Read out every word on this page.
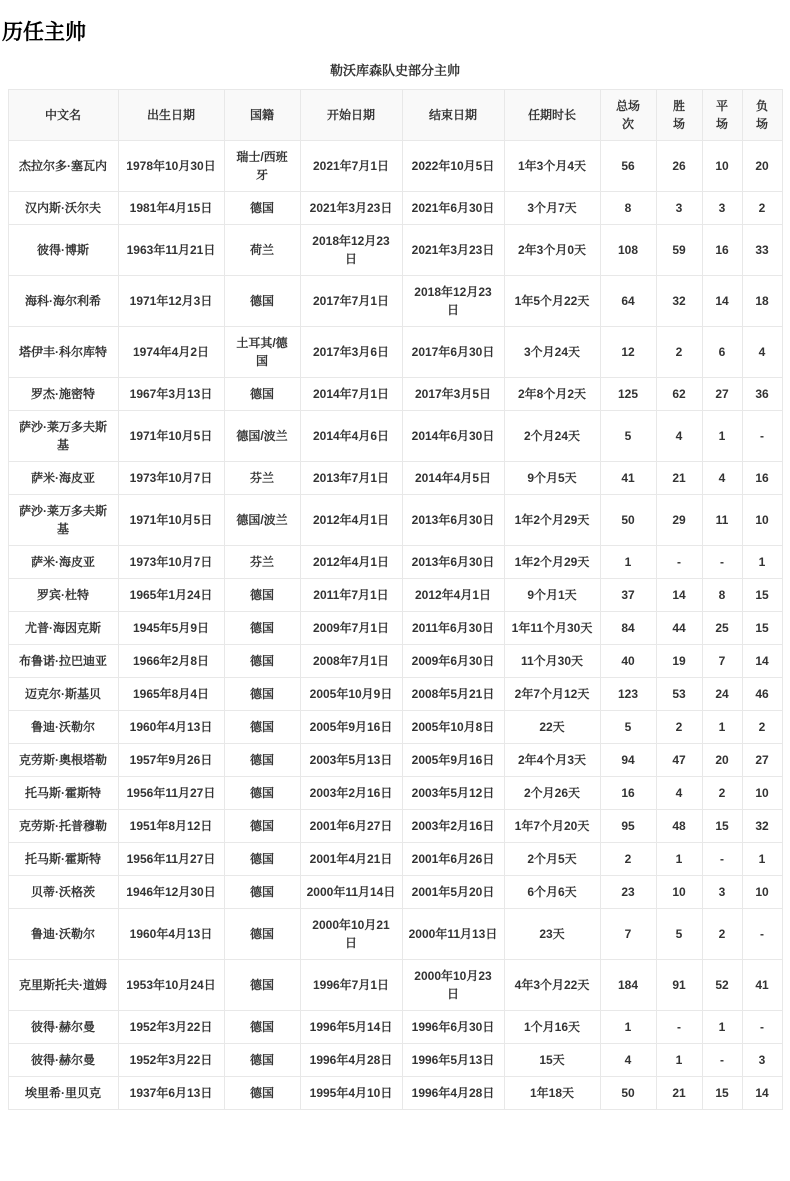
历任主帅
勒沃库森队史部分主帅
中文名	出生日期	国籍	开始日期	结束日期	任期时长	总场次	胜场	平场	负场
杰拉尔多·塞瓦内	1978年10月30日	瑞士/西班牙	2021年7月1日	2022年10月5日	1年3个月4天	56	26	10	20
汉内斯·沃尔夫	1981年4月15日	德国	2021年3月23日	2021年6月30日	3个月7天	8	3	3	2
彼得·博斯	1963年11月21日	荷兰	2018年12月23日	2021年3月23日	2年3个月0天	108	59	16	33
海科·海尔利希	1971年12月3日	德国	2017年7月1日	2018年12月23日	1年5个月22天	64	32	14	18
塔伊丰·科尔库特	1974年4月2日	土耳其/德国	2017年3月6日	2017年6月30日	3个月24天	12	2	6	4
罗杰·施密特	1967年3月13日	德国	2014年7月1日	2017年3月5日	2年8个月2天	125	62	27	36
萨沙·莱万多夫斯基	1971年10月5日	德国/波兰	2014年4月6日	2014年6月30日	2个月24天	5	4	1	-
萨米·海皮亚	1973年10月7日	芬兰	2013年7月1日	2014年4月5日	9个月5天	41	21	4	16
萨沙·莱万多夫斯基	1971年10月5日	德国/波兰	2012年4月1日	2013年6月30日	1年2个月29天	50	29	11	10
萨米·海皮亚	1973年10月7日	芬兰	2012年4月1日	2013年6月30日	1年2个月29天	1	-	-	1
罗宾·杜特	1965年1月24日	德国	2011年7月1日	2012年4月1日	9个月1天	37	14	8	15
尤普·海因克斯	1945年5月9日	德国	2009年7月1日	2011年6月30日	1年11个月30天	84	44	25	15
布鲁诺·拉巴迪亚	1966年2月8日	德国	2008年7月1日	2009年6月30日	11个月30天	40	19	7	14
迈克尔·斯基贝	1965年8月4日	德国	2005年10月9日	2008年5月21日	2年7个月12天	123	53	24	46
鲁迪·沃勒尔	1960年4月13日	德国	2005年9月16日	2005年10月8日	22天	5	2	1	2
克劳斯·奥根塔勒	1957年9月26日	德国	2003年5月13日	2005年9月16日	2年4个月3天	94	47	20	27
托马斯·霍斯特	1956年11月27日	德国	2003年2月16日	2003年5月12日	2个月26天	16	4	2	10
克劳斯·托普穆勒	1951年8月12日	德国	2001年6月27日	2003年2月16日	1年7个月20天	95	48	15	32
托马斯·霍斯特	1956年11月27日	德国	2001年4月21日	2001年6月26日	2个月5天	2	1	-	1
贝蒂·沃格茨	1946年12月30日	德国	2000年11月14日	2001年5月20日	6个月6天	23	10	3	10
鲁迪·沃勒尔	1960年4月13日	德国	2000年10月21日	2000年11月13日	23天	7	5	2	-
克里斯托夫·道姆	1953年10月24日	德国	1996年7月1日	2000年10月23日	4年3个月22天	184	91	52	41
彼得·赫尔曼	1952年3月22日	德国	1996年5月14日	1996年6月30日	1个月16天	1	-	1	-
彼得·赫尔曼	1952年3月22日	德国	1996年4月28日	1996年5月13日	15天	4	1	-	3
埃里希·里贝克	1937年6月13日	德国	1995年4月10日	1996年4月28日	1年18天	50	21	15	14
